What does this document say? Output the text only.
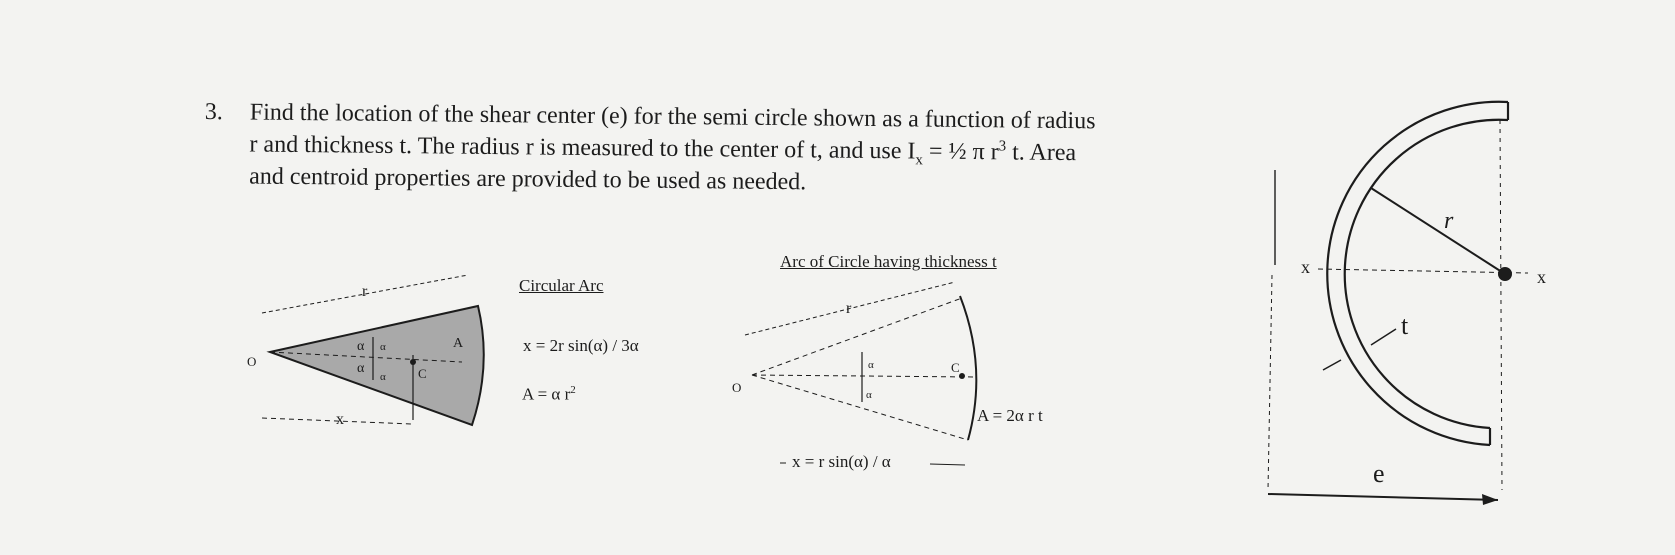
3. Find the location of the shear center (e) for the semi circle shown as a function of radius
r and thickness t. The radius r is measured to the center of t, and use $I_x$ = ½ π $r^3$ t. Area
and centroid properties are provided to be used as needed.
r
O
x
α α
α
α
A
C
r
O
α
α
C
r
t
e
x	x
Circular Arc
x = 2r sin(α) / 3α
A = α $r^2$
Arc of Circle having thickness t
x = r sin(α) / α
A = 2α r t
